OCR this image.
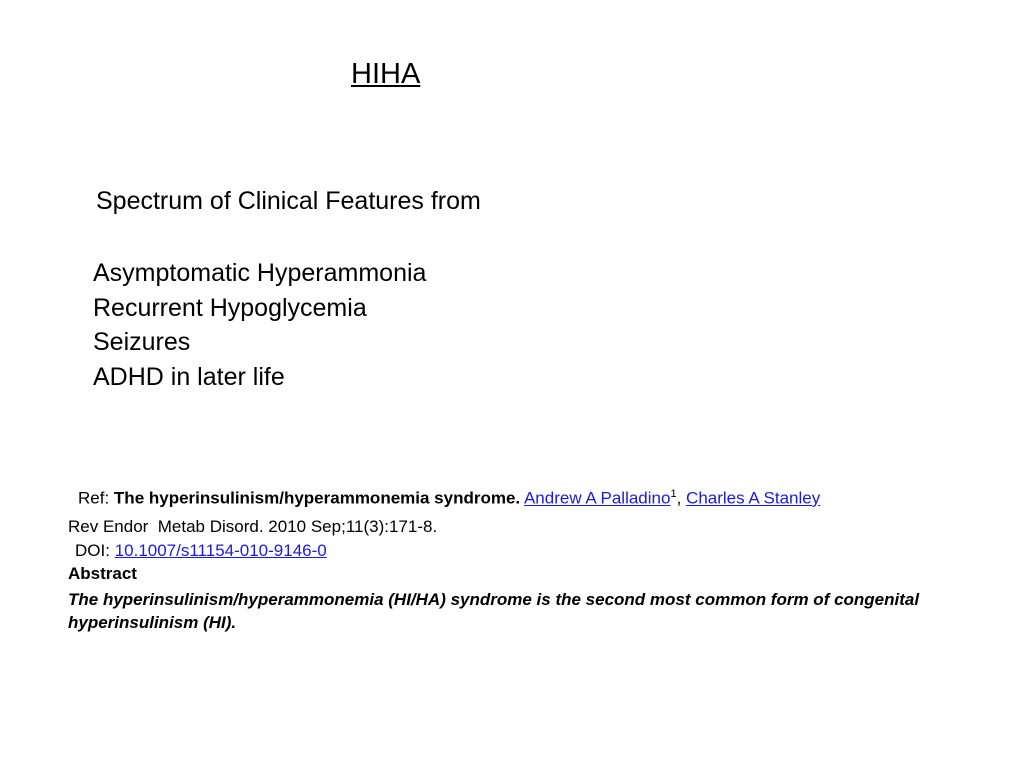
HIHA
Spectrum of Clinical Features from
Asymptomatic Hyperammonia
Recurrent Hypoglycemia
Seizures
ADHD in later life
Ref: The hyperinsulinism/hyperammonemia syndrome. Andrew A Palladino$^1$, Charles A Stanley
Rev Endor  Metab Disord. 2010 Sep;11(3):171-8.
DOI: 10.1007/s11154-010-9146-0
Abstract
The hyperinsulinism/hyperammonemia (HI/HA) syndrome is the second most common form of congenital hyperinsulinism (HI).
